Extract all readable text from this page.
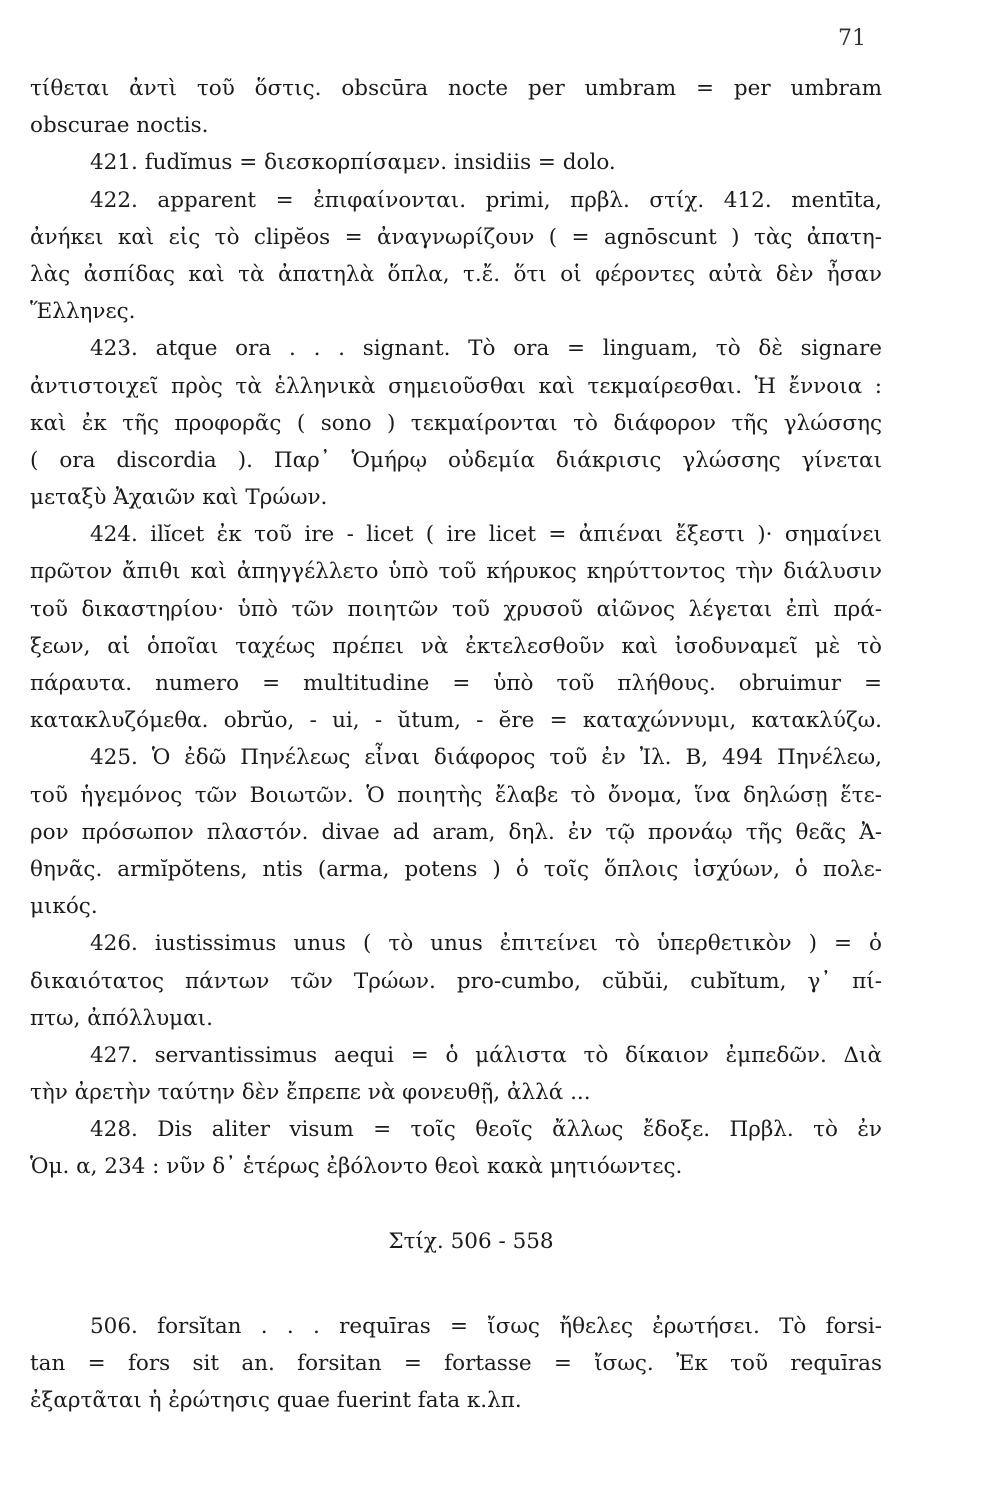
71
τίθεται ἀντὶ τοῦ ὅστις. obscūra nocte per umbram = per umbram
obscurae noctis.
421. fudĭmus = διεσκορπίσαμεν. insidiis = dolo.
422. apparent = ἐπιφαίνονται. primi, πρβλ. στίχ. 412. mentīta,
ἀνήκει καὶ εἰς τὸ clipĕos = ἀναγνωρίζουν ( = agnōscunt ) τὰς ἀπατη-
λὰς ἀσπίδας καὶ τὰ ἀπατηλὰ ὅπλα, τ.ἔ. ὅτι οἱ φέροντες αὐτὰ δὲν ἦσαν
Ἕλληνες.
423. atque ora . . . signant. Τὸ ora = linguam, τὸ δὲ signare
ἀντιστοιχεῖ πρὸς τὰ ἑλληνικὰ σημειοῦσθαι καὶ τεκμαίρεσθαι. Ἡ ἔννοια :
καὶ ἐκ τῆς προφορᾶς ( sono ) τεκμαίρονται τὸ διάφορον τῆς γλώσσης
( ora discordia ). Παρ᾽ Ὁμήρῳ οὐδεμία διάκρισις γλώσσης γίνεται
μεταξὺ Ἀχαιῶν καὶ Τρώων.
424. ilĭcet ἐκ τοῦ ire - licet ( ire licet = ἀπιέναι ἔξεστι )· σημαίνει
πρῶτον ἄπιθι καὶ ἀπηγγέλλετο ὑπὸ τοῦ κήρυκος κηρύττοντος τὴν διάλυσιν
τοῦ δικαστηρίου· ὑπὸ τῶν ποιητῶν τοῦ χρυσοῦ αἰῶνος λέγεται ἐπὶ πρά-
ξεων, αἱ ὁποῖαι ταχέως πρέπει νὰ ἐκτελεσθοῦν καὶ ἰσοδυναμεῖ μὲ τὸ
πάραυτα. numero = multitudine = ὑπὸ τοῦ πλήθους. obruimur =
κατακλυζόμεθα. obrŭo, - ui, - ŭtum, - ĕre = καταχώννυμι, κατακλύζω.
425. Ὁ ἐδῶ Πηνέλεως εἶναι διάφορος τοῦ ἐν Ἰλ. Β, 494 Πηνέλεω,
τοῦ ἡγεμόνος τῶν Βοιωτῶν. Ὁ ποιητὴς ἔλαβε τὸ ὄνομα, ἵνα δηλώσῃ ἕτε-
ρον πρόσωπον πλαστόν. divae ad aram, δηλ. ἐν τῷ προνάῳ τῆς θεᾶς Ἀ-
θηνᾶς. armĭpŏtens, ntis (arma, potens ) ὁ τοῖς ὅπλοις ἰσχύων, ὁ πολε-
μικός.
426. iustissimus unus ( τὸ unus ἐπιτείνει τὸ ὑπερθετικὸν ) = ὁ
δικαιότατος πάντων τῶν Τρώων. pro-cumbo, cŭbŭi, cubĭtum, γ᾽ πί-
πτω, ἀπόλλυμαι.
427. servantissimus aequi = ὁ μάλιστα τὸ δίκαιον ἐμπεδῶν. Διὰ
τὴν ἀρετὴν ταύτην δὲν ἔπρεπε νὰ φονευθῇ, ἀλλά ...
428. Dis aliter visum = τοῖς θεοῖς ἄλλως ἔδοξε. Πρβλ. τὸ ἐν
Ὁμ. α, 234 : νῦν δ᾽ ἑτέρως ἐβόλοντο θεοὶ κακὰ μητιόωντες.
Στίχ. 506 - 558
506. forsĭtan . . . requīras = ἴσως ἤθελες ἐρωτήσει. Τὸ forsi-
tan = fors sit an. forsitan = fortasse = ἴσως. Ἐκ τοῦ requīras
ἐξαρτᾶται ἡ ἐρώτησις quae fuerint fata κ.λπ.
